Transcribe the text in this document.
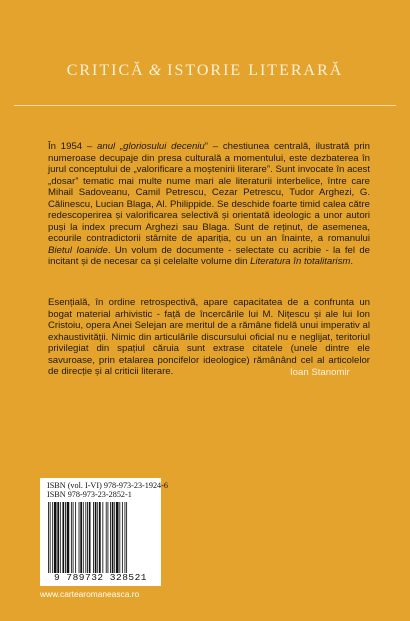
CRITICĂ & ISTORIE LITERARĂ

În 1954 – anul „gloriosului deceniu” – chestiunea centrală, ilustrată prin numeroase decupaje din presa culturală a momentului, este dezbaterea în jurul conceptului de „valorificare a moștenirii literare”. Sunt invocate în acest „dosar” tematic mai multe nume mari ale literaturii interbelice, între care Mihail Sadoveanu, Camil Petrescu, Cezar Petrescu, Tudor Arghezi, G. Călinescu, Lucian Blaga, Al. Philippide. Se deschide foarte timid calea către redescoperirea și valorificarea selectivă și orientată ideologic a unor autori puși la index precum Arghezi sau Blaga. Sunt de reținut, de asemenea, ecourile contradictorii stârnite de apariția, cu un an înainte, a romanului Bietul Ioanide. Un volum de documente - selectate cu acribie - la fel de incitant și de necesar ca și celelalte volume din Literatura în totalitarism.

Esențială, în ordine retrospectivă, apare capacitatea de a confrunta un bogat material arhivistic - față de încercările lui M. Nițescu și ale lui Ion Cristoiu, opera Anei Selejan are meritul de a rămâne fidelă unui imperativ al exhaustivității. Nimic din articulările discursului oficial nu e neglijat, teritoriul privilegiat din spațiul căruia sunt extrase citatele (unele dintre ele savuroase, prin etalarea poncifelor ideologice) rămânând cel al articolelor de direcție și al criticii literare.	Ioan Stanomir
ISBN (vol. I-VI) 978-973-23-1924-6
ISBN 978-973-23-2852-1
9 789732 328521
www.cartearomaneasca.ro
